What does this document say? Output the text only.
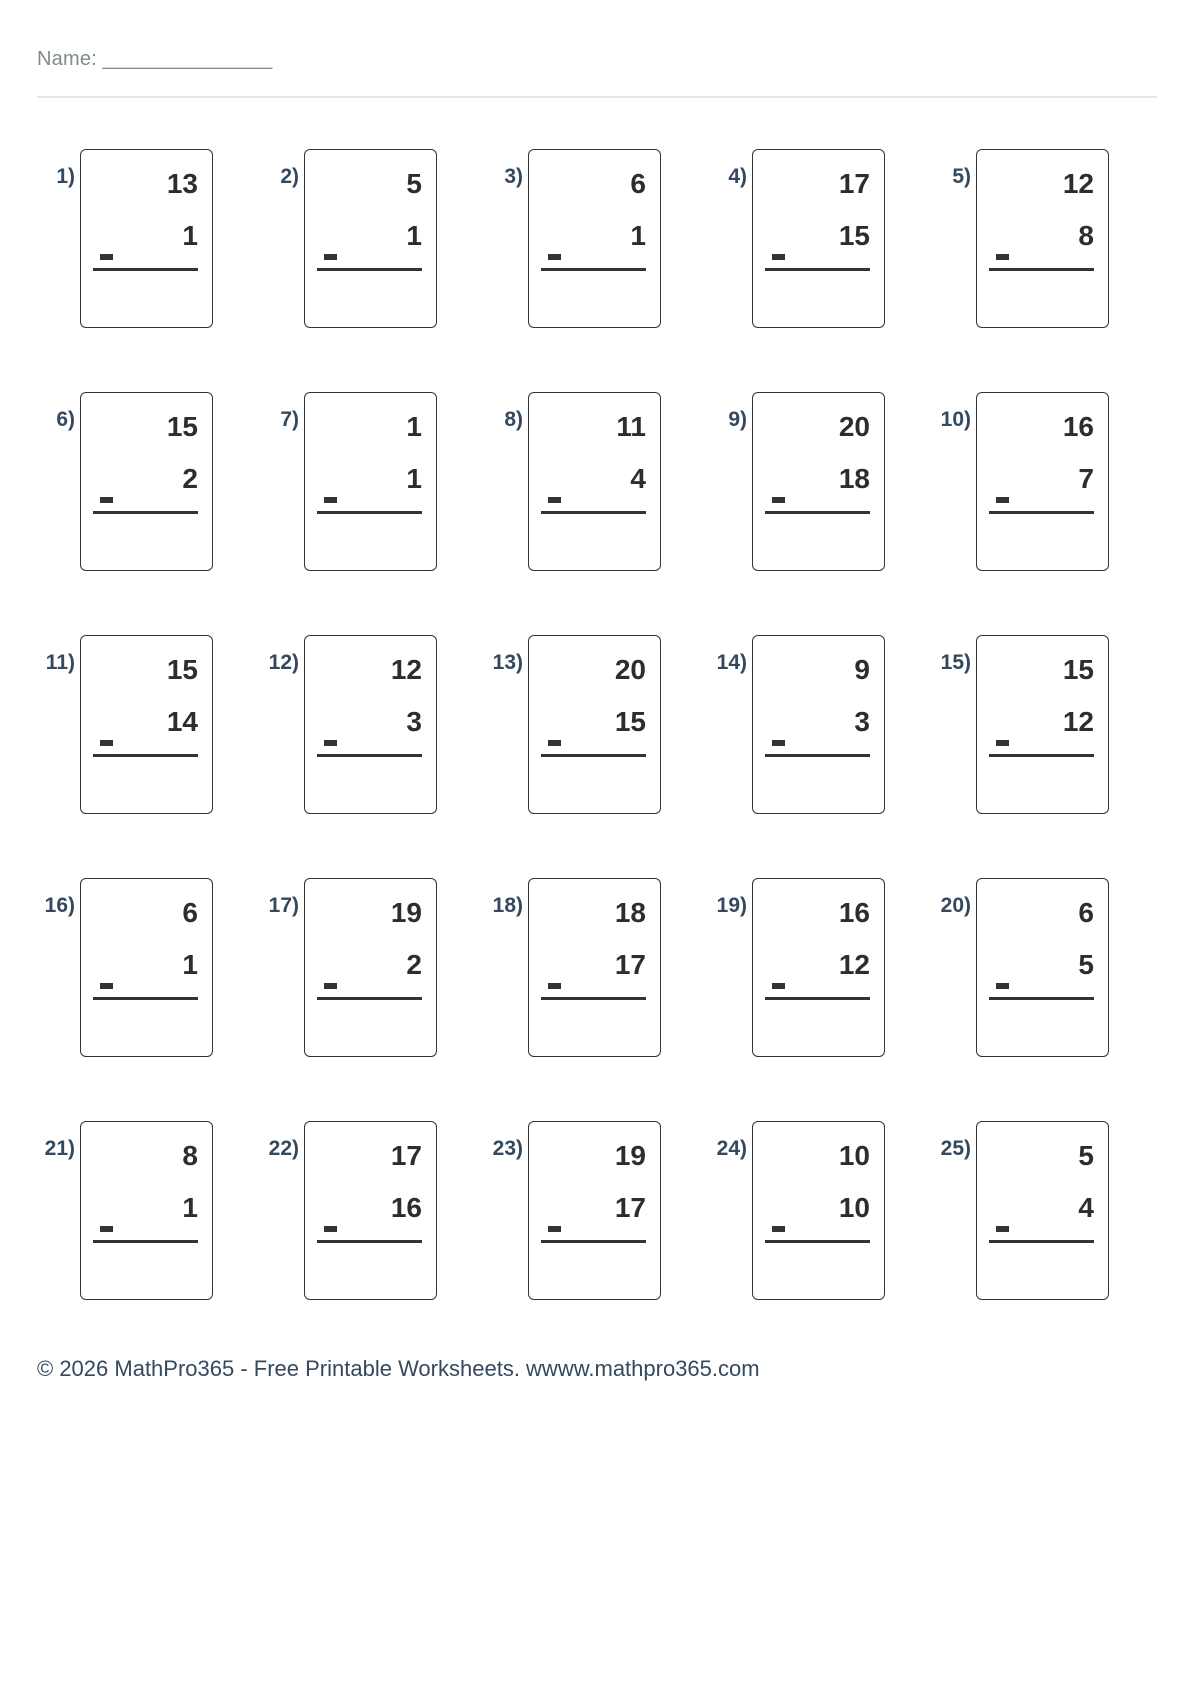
Name: _______________
1)	13
1
2)	5
1
3)	6
1
4)	17
15
5)	12
8
6)	15
2
7)	1
1
8)	11
4
9)	20
18
10)	16
7
11)	15
14
12)	12
3
13)	20
15
14)	9
3
15)	15
12
16)	6
1
17)	19
2
18)	18
17
19)	16
12
20)	6
5
21)	8
1
22)	17
16
23)	19
17
24)	10
10
25)	5
4
© 2026 MathPro365 - Free Printable Worksheets. wwww.mathpro365.com
